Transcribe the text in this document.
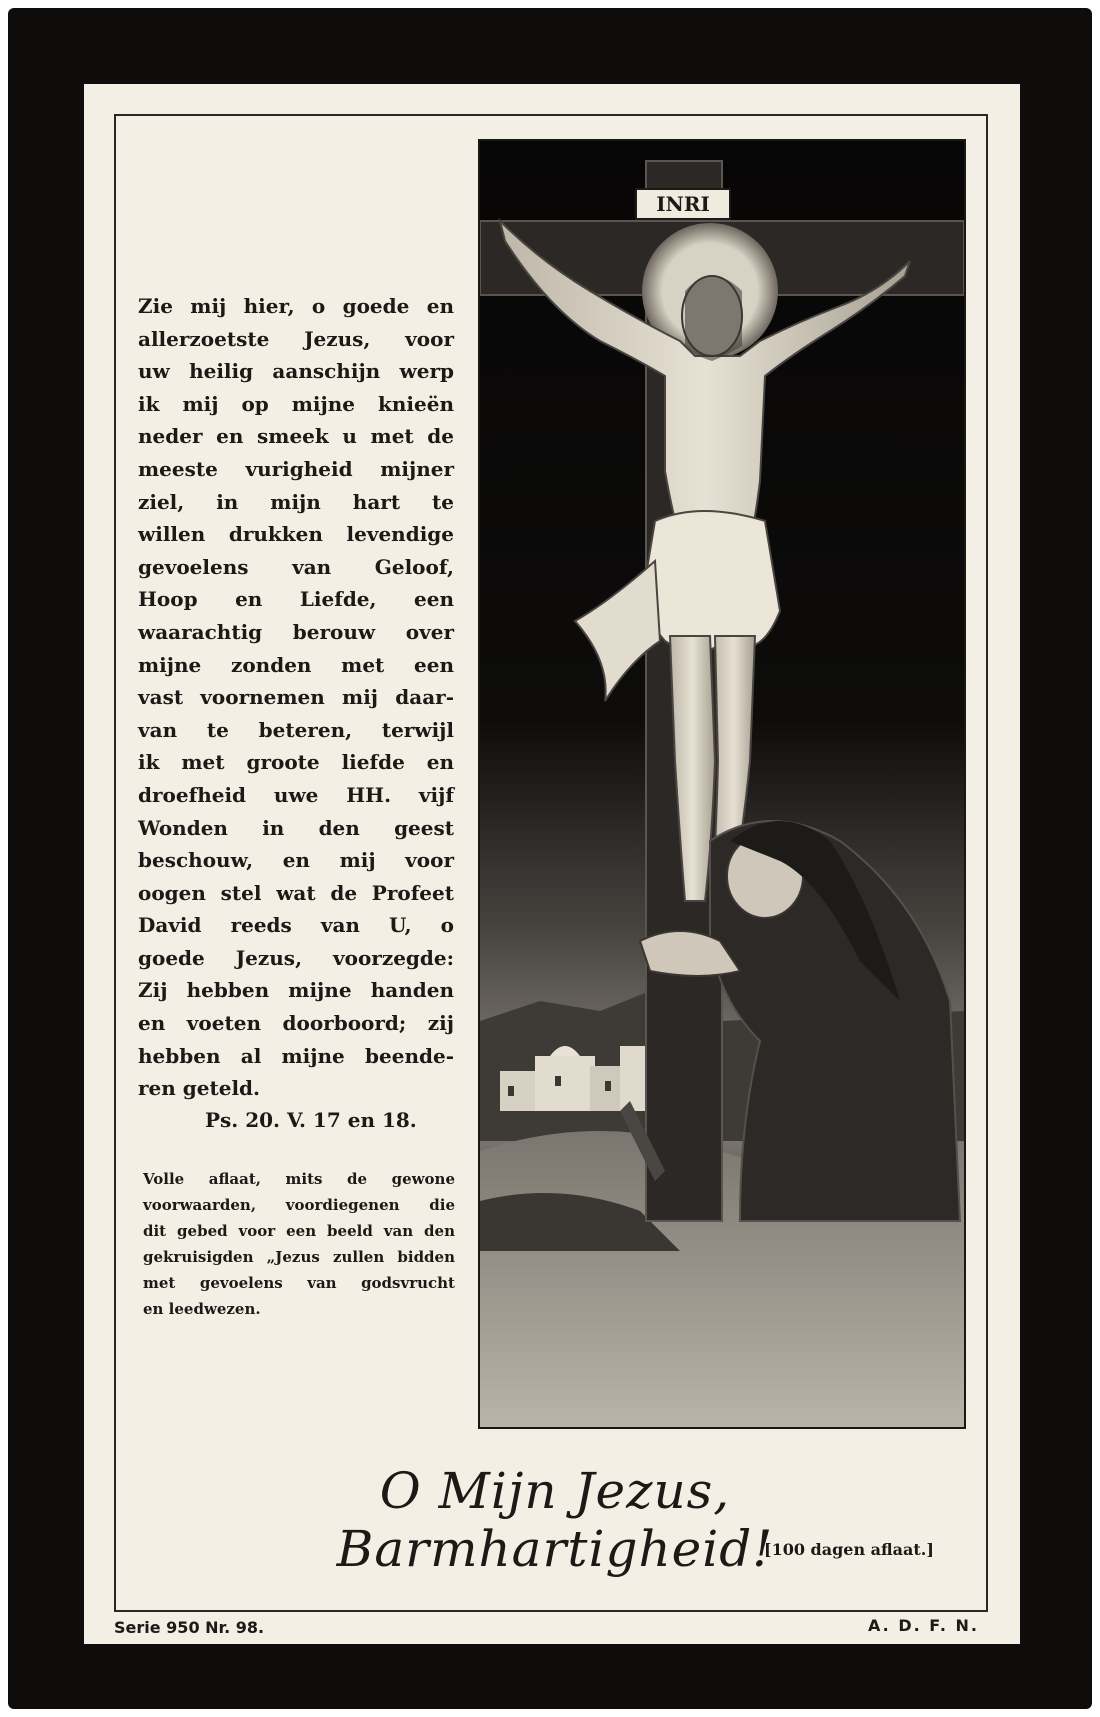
Zie mij hier, o goede en
allerzoetste Jezus, voor
uw heilig aanschijn werp
ik mij op mijne knieën
neder en smeek u met de
meeste vurigheid mijner
ziel, in mijn hart te
willen drukken levendige
gevoelens van Geloof,
Hoop en Liefde, een
waarachtig berouw over
mijne zonden met een
vast voornemen mij daar-
van te beteren, terwijl
ik met groote liefde en
droefheid uwe HH. vijf
Wonden in den geest
beschouw, en mij voor
oogen stel wat de Profeet
David reeds van U, o
goede Jezus, voorzegde:
Zij hebben mijne handen
en voeten doorboord; zij
hebben al mijne beende-
ren geteld.
Ps. 20. V. 17 en 18.
Volle aflaat, mits de gewone
voorwaarden, voordiegenen die
dit gebed voor een beeld van den
gekruisigden „Jezus zullen bidden
met gevoelens van godsvrucht
en leedwezen.
INRI
O Mijn Jezus, Barmhartigheid!
[100 dagen aflaat.]
Serie 950 Nr. 98.	A. D. F. N.
